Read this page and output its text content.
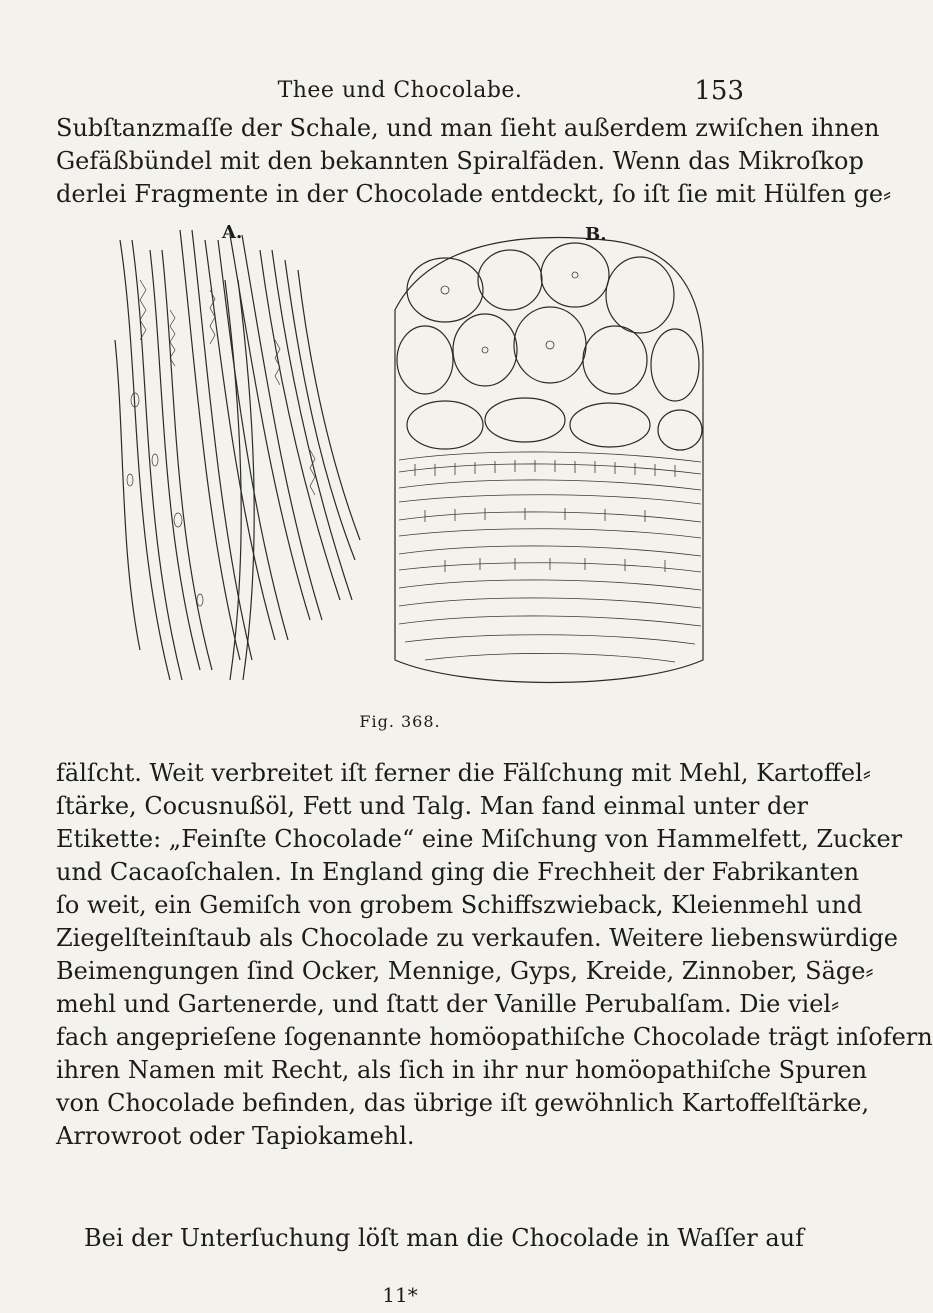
Thee und Chocolabe.	153
Subſtanzmaſſe der Schale, und man ſieht außerdem zwiſchen ihnen
Gefäßbündel mit den bekannten Spiralfäden. Wenn das Mikroſkop
derlei Fragmente in der Chocolade entdeckt, ſo iſt ſie mit Hülfen ge⸗
A.	B.
Fig. 368.
fälſcht. Weit verbreitet iſt ferner die Fälſchung mit Mehl, Kartoffel⸗
ſtärke, Cocusnußöl, Fett und Talg. Man fand einmal unter der
Etikette: „Feinſte Chocolade“ eine Miſchung von Hammelfett, Zucker
und Cacaoſchalen. In England ging die Frechheit der Fabrikanten
ſo weit, ein Gemiſch von grobem Schiffszwieback, Kleienmehl und
Ziegelſteinſtaub als Chocolade zu verkaufen. Weitere liebenswürdige
Beimengungen ſind Ocker, Mennige, Gyps, Kreide, Zinnober, Säge⸗
mehl und Gartenerde, und ſtatt der Vanille Perubalſam. Die viel⸗
fach angeprieſene ſogenannte homöopathiſche Chocolade trägt inſofern
ihren Namen mit Recht, als ſich in ihr nur homöopathiſche Spuren
von Chocolade befinden, das übrige iſt gewöhnlich Kartoffelſtärke,
Arrowroot oder Tapiokamehl.
Bei der Unterſuchung löſt man die Chocolade in Waſſer auf
11*
